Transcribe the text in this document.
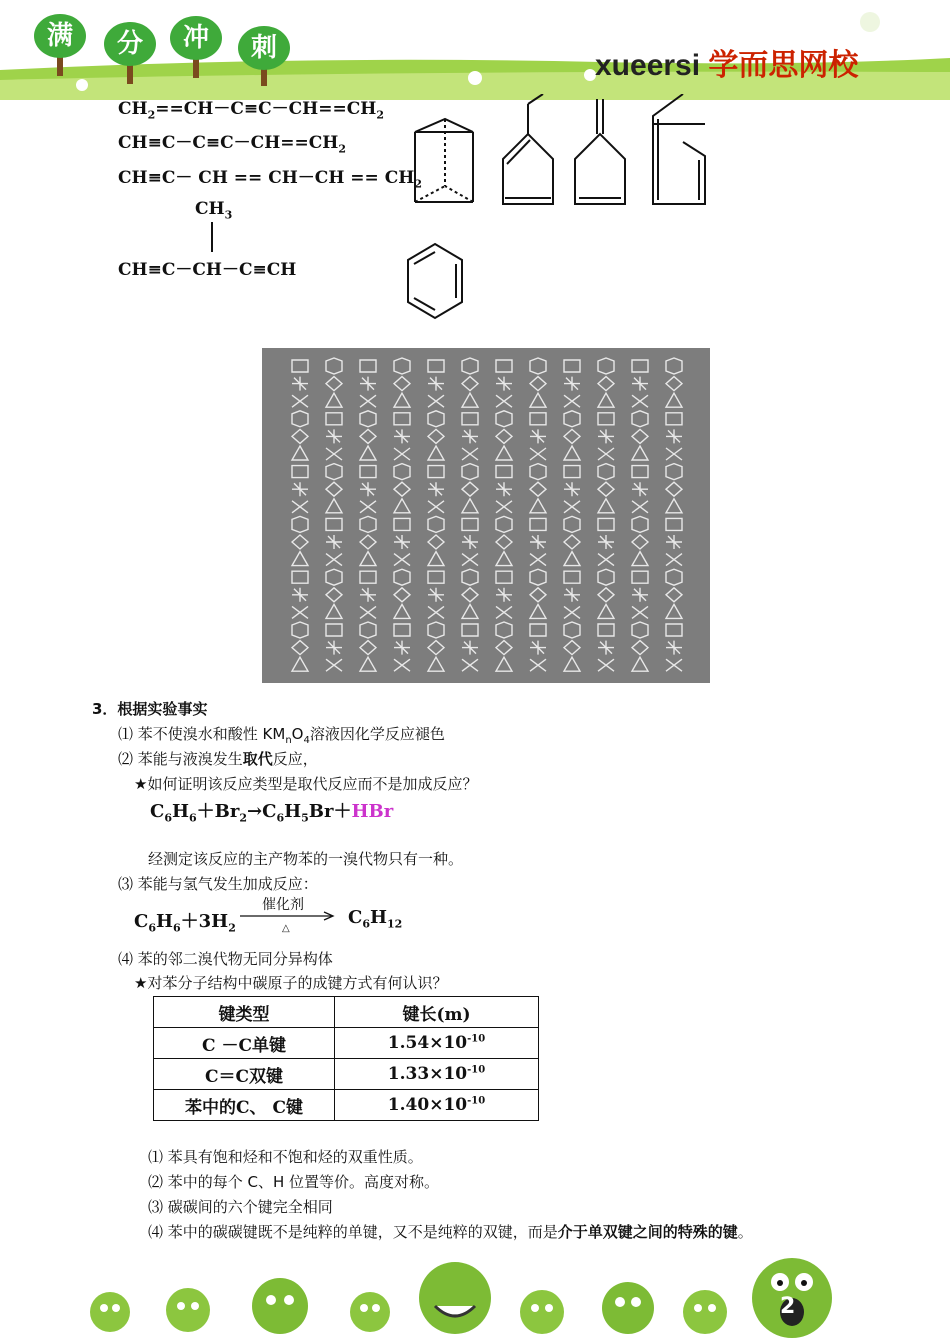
满	分	冲	刺
xueersi 学而思网校
$CH_2==CH-C\equiv C-CH==CH_2$
$CH\equiv C-C\equiv C-CH==CH_2$
CH≡C－ CH == $CH-CH == CH_2$
$CH_3$
CH≡C－CH－C≡CH
3．根据实验事实
⑴ 苯不使溴水和酸性 $KM_nO_4$溶液因化学反应褪色
⑵ 苯能与液溴发生取代反应，
★如何证明该反应类型是取代反应而不是加成反应？
$C_6H_6+Br_2\to C_6H_5Br+HBr$
经测定该反应的主产物苯的一溴代物只有一种。
⑶ 苯能与氢气发生加成反应：
$C_6H_6+3H_2$
催化剂
△
$C_6H_{12}$
⑷ 苯的邻二溴代物无同分异构体
★对苯分子结构中碳原子的成键方式有何认识？
键类型	键长(m)
C －C单键	$1.54\times 10^{-10}$
C＝C双键	$1.33\times 10^{-10}$
苯中的C、 C键	$1.40\times 10^{-10}$
⑴ 苯具有饱和烃和不饱和烃的双重性质。
⑵ 苯中的每个 C、H 位置等价。高度对称。
⑶ 碳碳间的六个键完全相同
⑷ 苯中的碳碳键既不是纯粹的单键，又不是纯粹的双键，而是介于单双键之间的特殊的键。
2
